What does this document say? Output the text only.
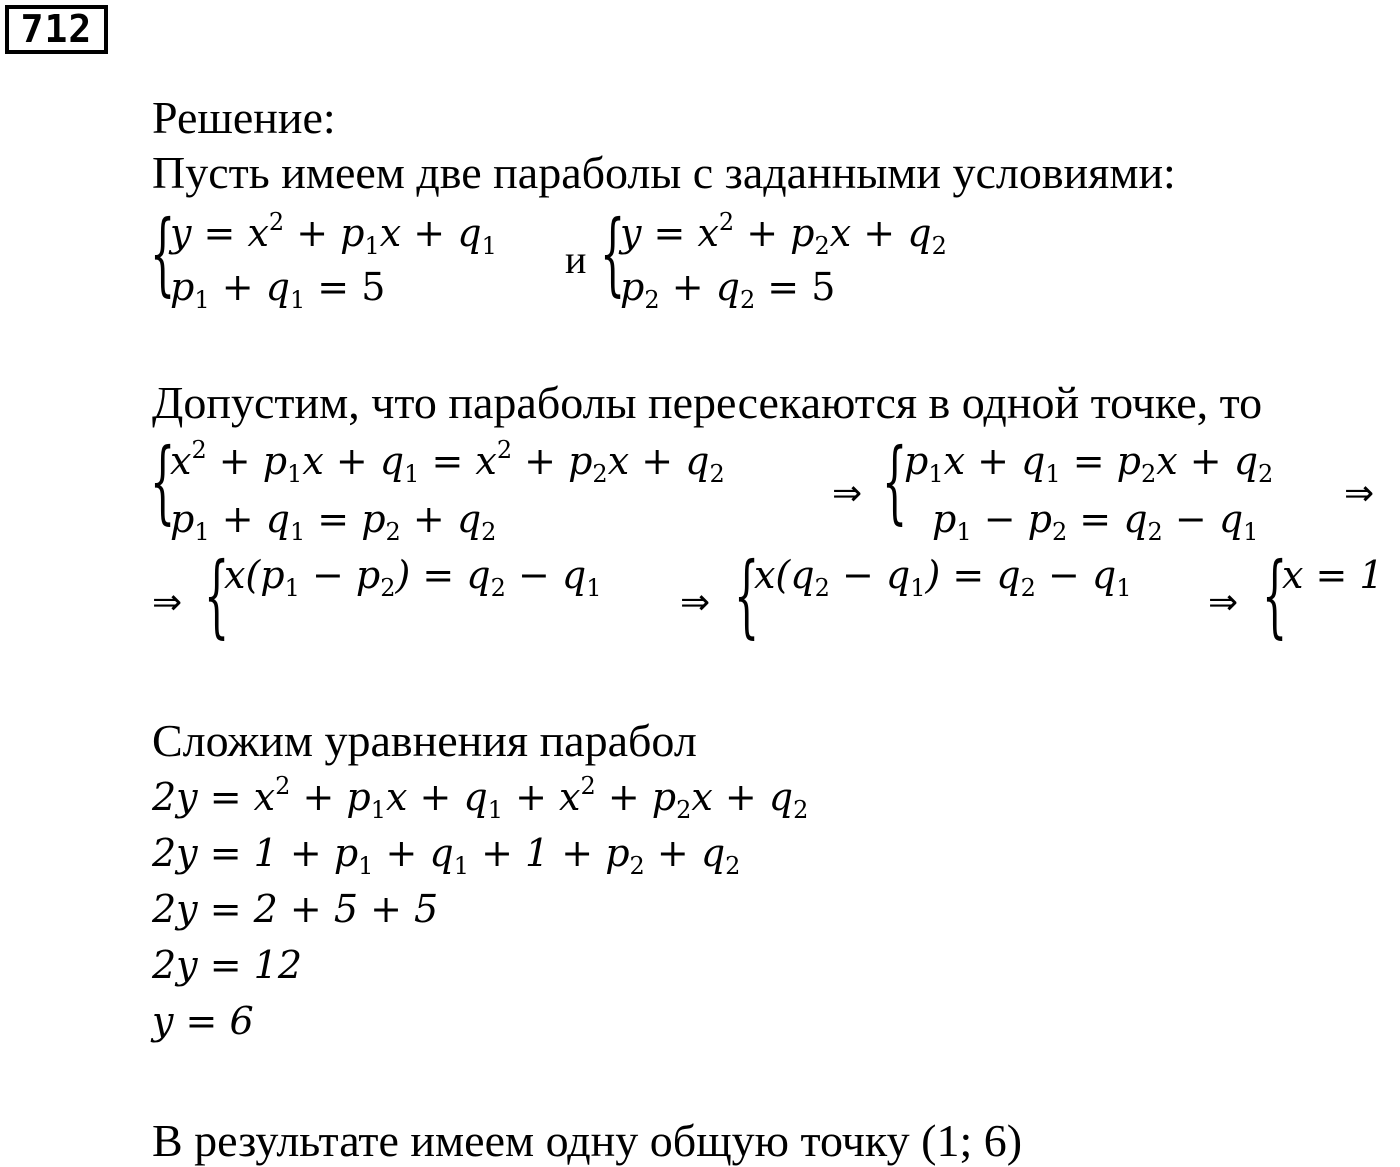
712
Решение:
Пусть имеем две параболы с заданными условиями:
{
$y = x^2 + p_1x + q_1$
$p_1 + q_1 = 5$
и {
$y = x^2 + p_2x + q_2$
$p_2 + q_2 = 5$
Допустим, что параболы пересекаются в одной точке, то
{
$x^2 + p_1x + q_1 = x^2 + p_2x + q_2$
$p_1 + q_1 = p_2 + q_2$
⇒ {
$p_1x + q_1 = p_2x + q_2$
$p_1 - p_2 = q_2 - q_1$
⇒
⇒ {
$x(p_1 - p_2) = q_2 - q_1$ ⇒ {
$x(q_2 - q_1) = q_2 - q_1$ ⇒ {
x = 1
Сложим уравнения парабол
$2y = x^2 + p_1x + q_1 + x^2 + p_2x + q_2$
$2y = 1 + p_1 + q_1 + 1 + p_2 + q_2$
2y = 2 + 5 + 5
2y = 12
y = 6
В результате имеем одну общую точку (1; 6)
